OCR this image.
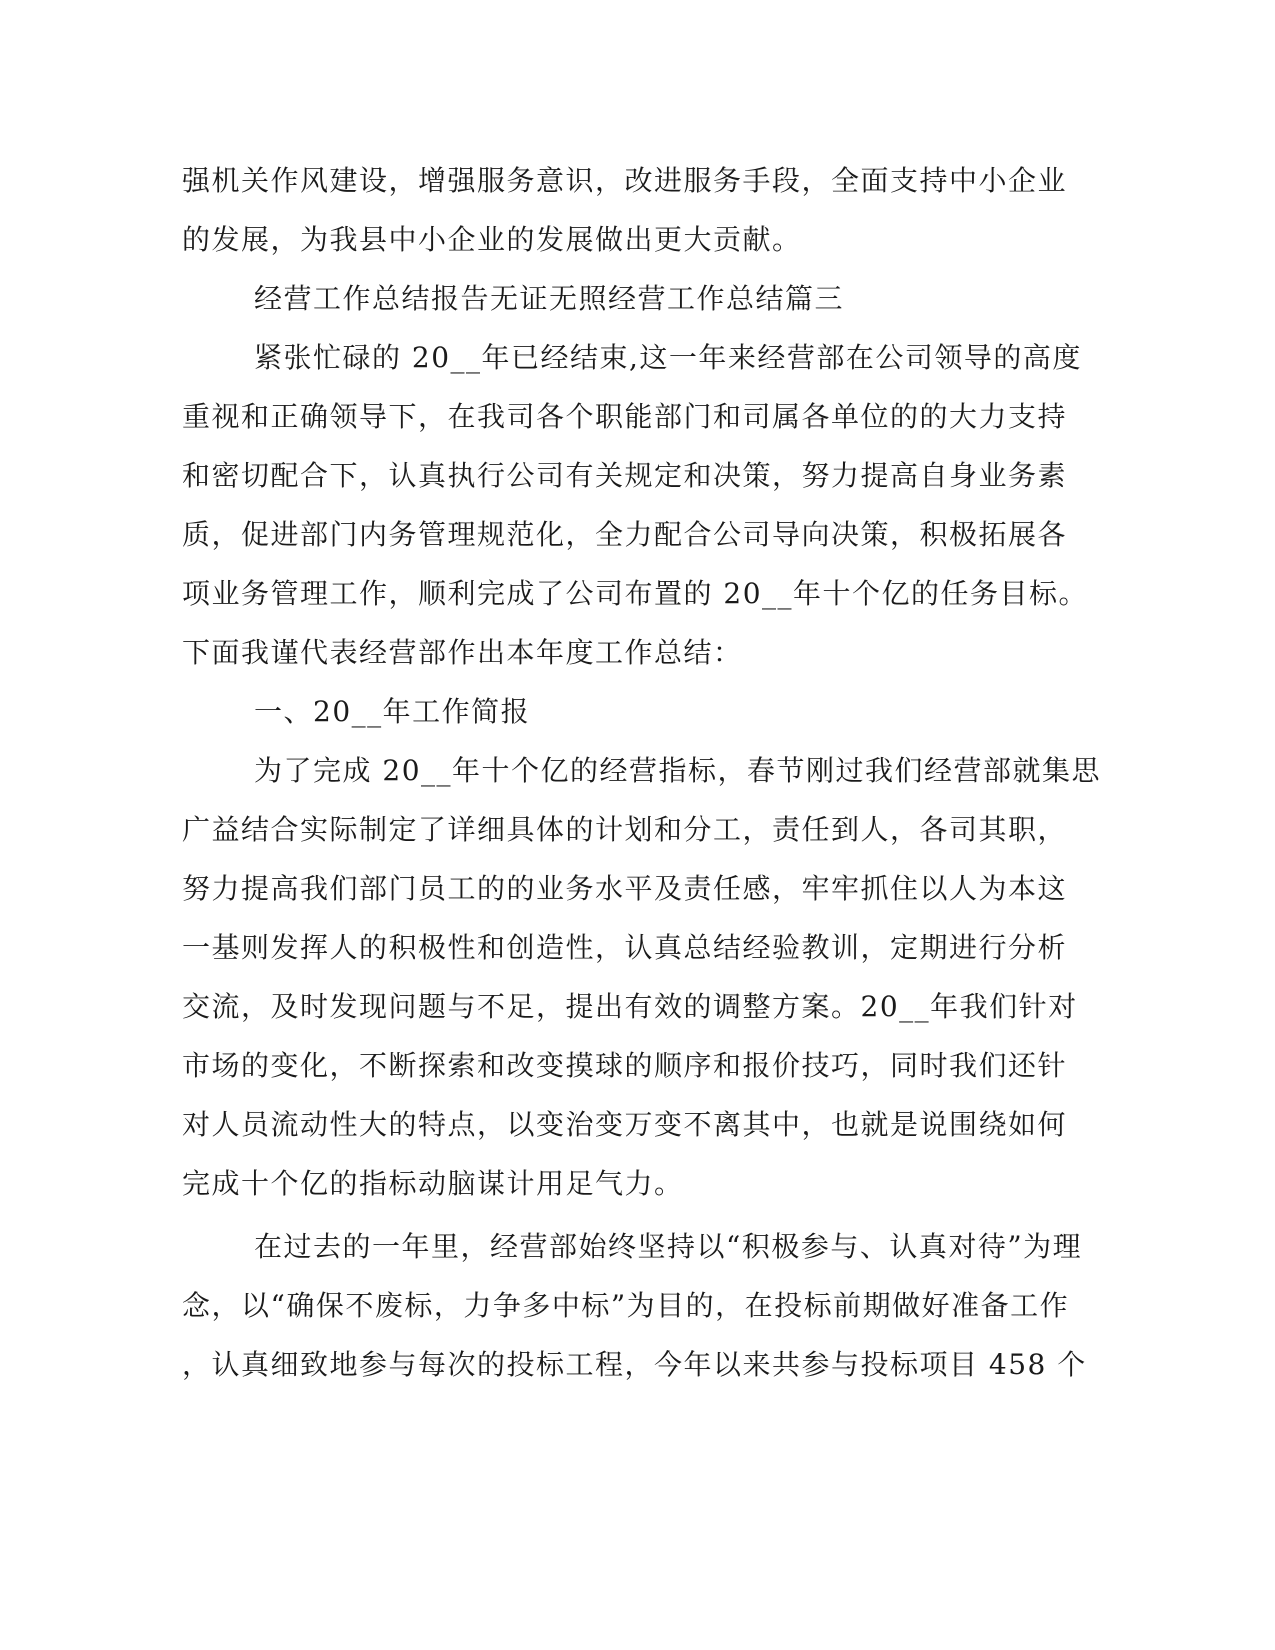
强机关作风建设，增强服务意识，改进服务手段，全面支持中小企业
的发展，为我县中小企业的发展做出更大贡献。
经营工作总结报告无证无照经营工作总结篇三
紧张忙碌的 20__年已经结束,这一年来经营部在公司领导的高度
重视和正确领导下，在我司各个职能部门和司属各单位的的大力支持
和密切配合下，认真执行公司有关规定和决策，努力提高自身业务素
质，促进部门内务管理规范化，全力配合公司导向决策，积极拓展各
项业务管理工作，顺利完成了公司布置的 20__年十个亿的任务目标。
下面我谨代表经营部作出本年度工作总结：
一、20__年工作简报
为了完成 20__年十个亿的经营指标，春节刚过我们经营部就集思
广益结合实际制定了详细具体的计划和分工，责任到人，各司其职，
努力提高我们部门员工的的业务水平及责任感，牢牢抓住以人为本这
一基则发挥人的积极性和创造性，认真总结经验教训，定期进行分析
交流，及时发现问题与不足，提出有效的调整方案。20__年我们针对
市场的变化，不断探索和改变摸球的顺序和报价技巧，同时我们还针
对人员流动性大的特点，以变治变万变不离其中，也就是说围绕如何
完成十个亿的指标动脑谋计用足气力。
在过去的一年里，经营部始终坚持以“积极参与、认真对待”为理
念，以“确保不废标，力争多中标”为目的，在投标前期做好准备工作
，认真细致地参与每次的投标工程，今年以来共参与投标项目 458 个
